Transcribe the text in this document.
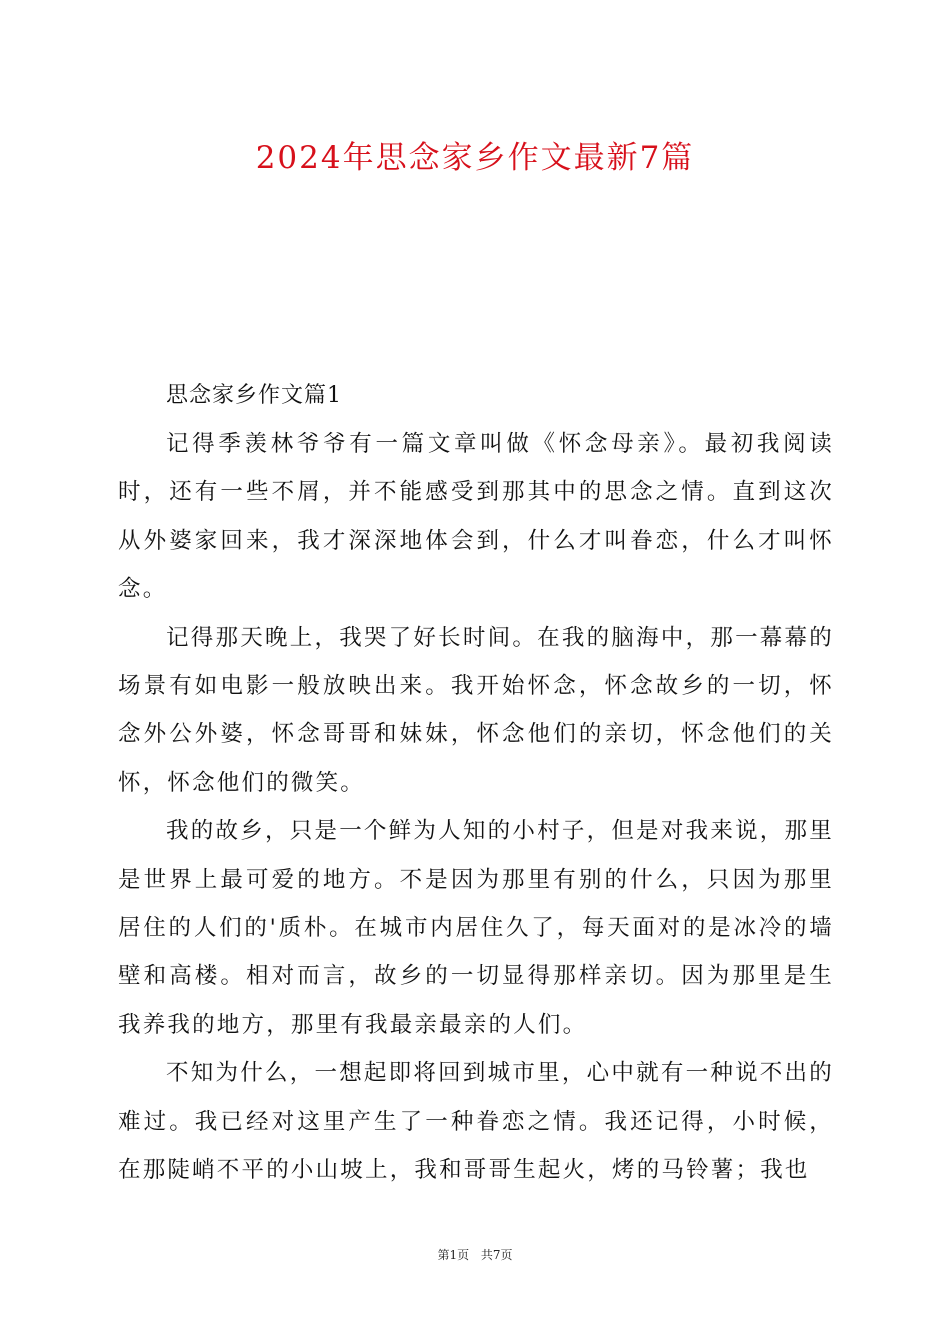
2024年思念家乡作文最新7篇

思念家乡作文篇1

记得季羡林爷爷有一篇文章叫做《怀念母亲》。最初我阅读时，还有一些不屑，并不能感受到那其中的思念之情。直到这次从外婆家回来，我才深深地体会到，什么才叫眷恋，什么才叫怀念。

记得那天晚上，我哭了好长时间。在我的脑海中，那一幕幕的场景有如电影一般放映出来。我开始怀念，怀念故乡的一切，怀念外公外婆，怀念哥哥和妹妹，怀念他们的亲切，怀念他们的关怀，怀念他们的微笑。

我的故乡，只是一个鲜为人知的小村子，但是对我来说，那里是世界上最可爱的地方。不是因为那里有别的什么，只因为那里居住的人们的'质朴。在城市内居住久了，每天面对的是冰冷的墙壁和高楼。相对而言，故乡的一切显得那样亲切。因为那里是生我养我的地方，那里有我最亲最亲的人们。

不知为什么，一想起即将回到城市里，心中就有一种说不出的难过。我已经对这里产生了一种眷恋之情。我还记得，小时候，在那陡峭不平的小山坡上，我和哥哥生起火，烤的马铃薯；我也

第1页 共7页
